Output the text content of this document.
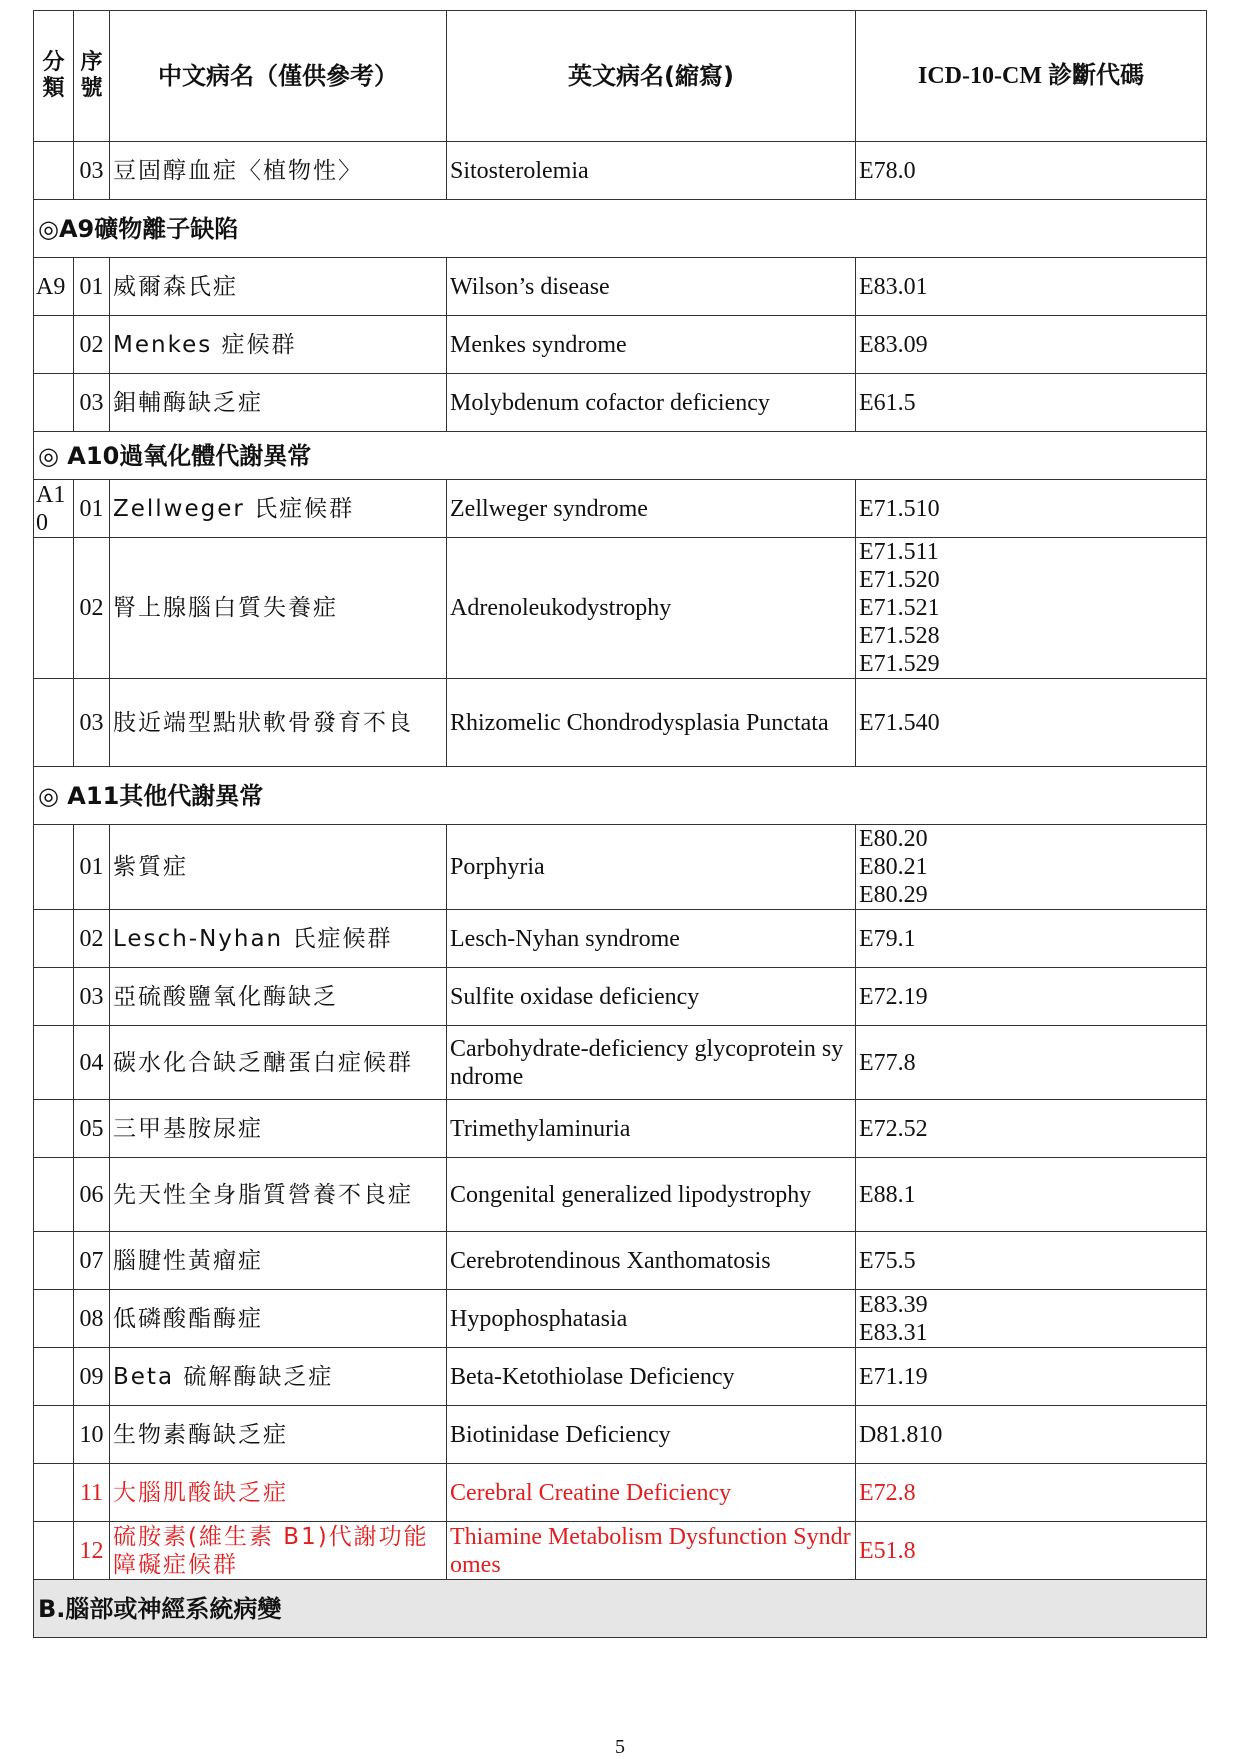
分類	序號	中文病名（僅供參考）	英文病名(縮寫)	ICD-10-CM 診斷代碼
	03	豆固醇血症〈植物性〉	Sitosterolemia	E78.0
◎A9礦物離子缺陷				
A9	01	威爾森氏症	Wilson’s disease	E83.01
	02	Menkes 症候群	Menkes syndrome	E83.09
	03	鉬輔酶缺乏症	Molybdenum cofactor deficiency	E61.5
◎ A10過氧化體代謝異常				
A10	01	Zellweger 氏症候群	Zellweger syndrome	E71.510
	02	腎上腺腦白質失養症	Adrenoleukodystrophy	E71.511
E71.520
E71.521
E71.528
E71.529
	03	肢近端型點狀軟骨發育不良	Rhizomelic Chondrodysplasia Punctata	E71.540
◎ A11其他代謝異常				
	01	紫質症	Porphyria	E80.20
E80.21
E80.29
	02	Lesch-Nyhan 氏症候群	Lesch-Nyhan syndrome	E79.1
	03	亞硫酸鹽氧化酶缺乏	Sulfite oxidase deficiency	E72.19
	04	碳水化合缺乏醣蛋白症候群	Carbohydrate-deficiency glycoprotein syndrome	E77.8
	05	三甲基胺尿症	Trimethylaminuria	E72.52
	06	先天性全身脂質營養不良症	Congenital generalized lipodystrophy	E88.1
	07	腦腱性黃瘤症	Cerebrotendinous Xanthomatosis	E75.5
	08	低磷酸酯酶症	Hypophosphatasia	E83.39
E83.31
	09	Beta 硫解酶缺乏症	Beta-Ketothiolase Deficiency	E71.19
	10	生物素酶缺乏症	Biotinidase Deficiency	D81.810
	11	大腦肌酸缺乏症	Cerebral Creatine Deficiency	E72.8
	12	硫胺素(維生素 B1)代謝功能障礙症候群	Thiamine Metabolism Dysfunction Syndromes	E51.8
B.腦部或神經系統病變				
5
